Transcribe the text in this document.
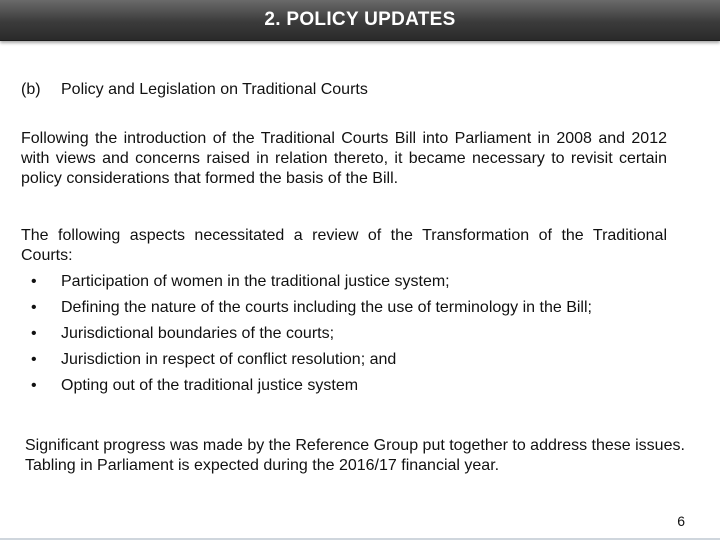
2. POLICY UPDATES
(b) Policy and Legislation on Traditional Courts

Following the introduction of the Traditional Courts Bill into Parliament in 2008 and 2012 with views and concerns raised in relation thereto, it became necessary to revisit certain policy considerations that formed the basis of the Bill.

The following aspects necessitated a review of the Transformation of the Traditional Courts:

• Participation of women in the traditional justice system;
• Defining the nature of the courts including the use of terminology in the Bill;
• Jurisdictional boundaries of the courts;
• Jurisdiction in respect of conflict resolution; and
• Opting out of the traditional justice system

Significant progress was made by the Reference Group put together to address these issues. Tabling in Parliament is expected during the 2016/17 financial year.

6
